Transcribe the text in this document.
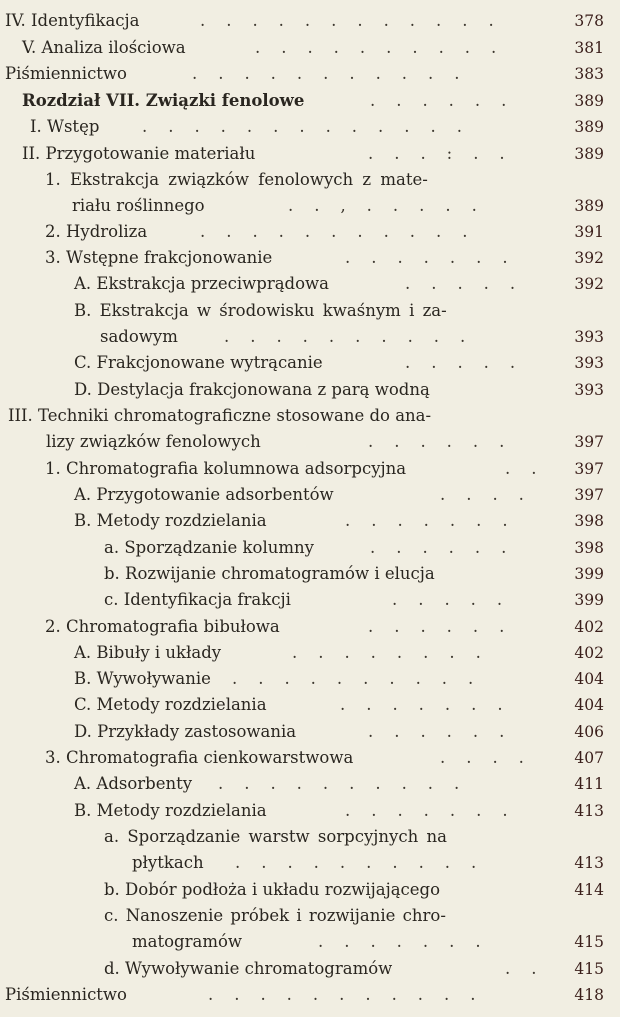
IV. Identyfikacja	.    .    .    .    .    .    .    .    .    .    .    .	378
V. Analiza ilościowa	.    .    .    .    .    .    .    .    .    .	381
Piśmiennictwo	.    .    .    .    .    .    .    .    .    .    .	383
Rozdział VII. Związki fenolowe	.    .    .    .    .    .	389
I. Wstęp	.    .    .    .    .    .    .    .    .    .    .    .    .	389
II. Przygotowanie materiału	.    .    .    :    .    .	389
1. Ekstrakcja związków fenolowych z mate-
riału roślinnego	.    .    ,    .    .    .    .    .	389
2. Hydroliza	.    .    .    .    .    .    .    .    .    .    .	391
3. Wstępne frakcjonowanie	.    .    .    .    .    .    .	392
A. Ekstrakcja przeciwprądowa	.    .    .    .    .	392
B. Ekstrakcja w środowisku kwaśnym i za-
sadowym	.    .    .    .    .    .    .    .    .    .	393
C. Frakcjonowane wytrącanie	.    .    .    .    .	393
D. Destylacja frakcjonowana z parą wodną	393
III. Techniki chromatograficzne stosowane do ana-
lizy związków fenolowych	.    .    .    .    .    .	397
1. Chromatografia kolumnowa adsorpcyjna	.    .	397
A. Przygotowanie adsorbentów	.    .    .    .	397
B. Metody rozdzielania	.    .    .    .    .    .    .	398
a. Sporządzanie kolumny	.    .    .    .    .    .	398
b. Rozwijanie chromatogramów i elucja	399
c. Identyfikacja frakcji	.    .    .    .    .	399
2. Chromatografia bibułowa	.    .    .    .    .    .	402
A. Bibuły i układy	.    .    .    .    .    .    .    .	402
B. Wywoływanie .    .    .    .    .    .    .    .    .    .	404
C. Metody rozdzielania	.    .    .    .    .    .    .	404
D. Przykłady zastosowania	.    .    .    .    .    .	406
3. Chromatografia cienkowarstwowa	.    .    .    .	407
A. Adsorbenty .    .    .    .    .    .    .    .    .    .	411
B. Metody rozdzielania	.    .    .    .    .    .    .	413
a. Sporządzanie warstw sorpcyjnych na
płytkach .    .    .    .    .    .    .    .    .    .	413
b. Dobór podłoża i układu rozwijającego	414
c. Nanoszenie próbek i rozwijanie chro-
matogramów	.    .    .    .    .    .    .	415
d. Wywoływanie chromatogramów	.    .	415
Piśmiennictwo	.    .    .    .    .    .    .    .    .    .    .	418
